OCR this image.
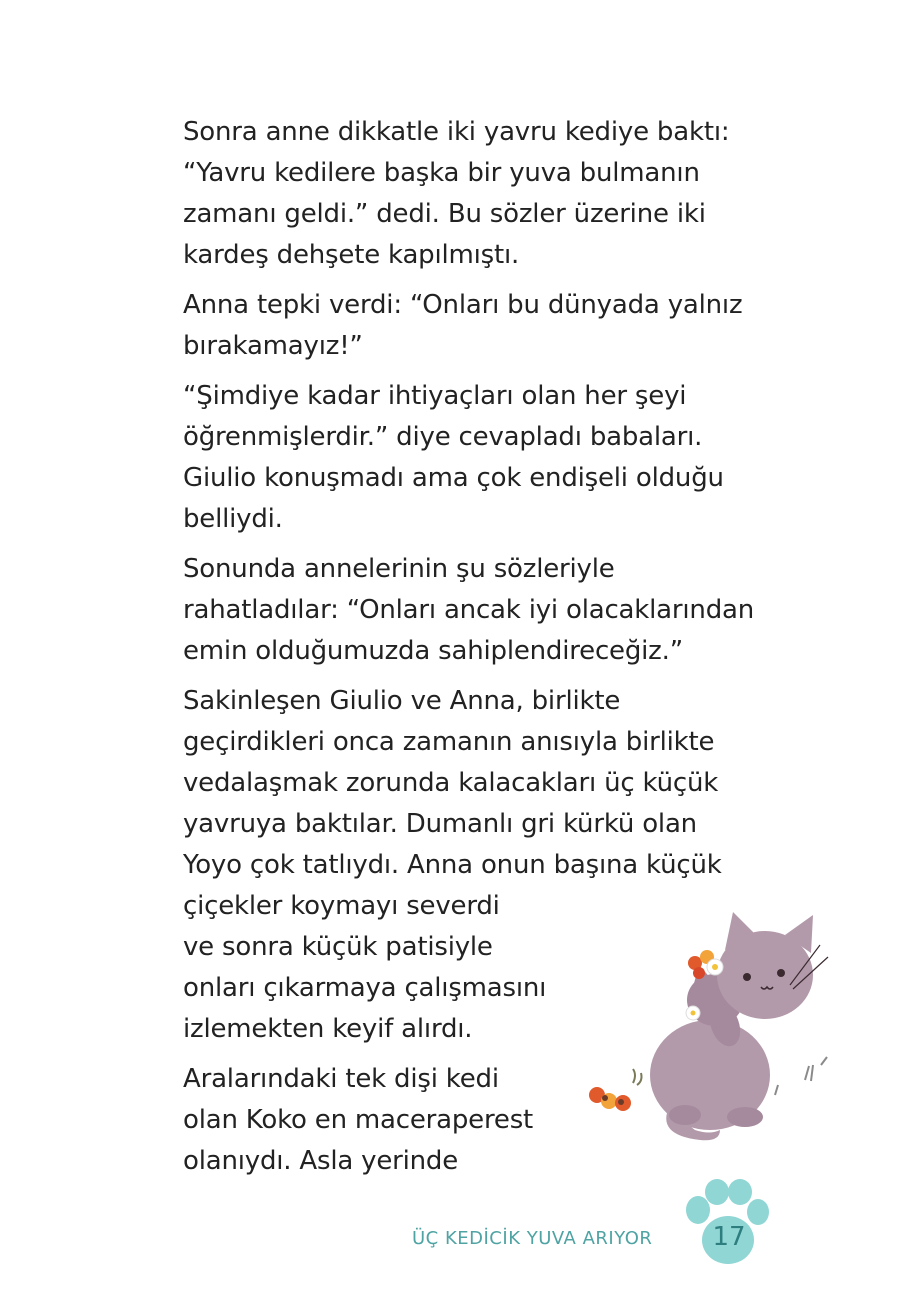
Sonra anne dikkatle iki yavru kediye baktı:
“Yavru kedilere başka bir yuva bulmanın
zamanı geldi.” dedi. Bu sözler üzerine iki
kardeş dehşete kapılmıştı.

Anna tepki verdi: “Onları bu dünyada yalnız
bırakamayız!”

“Şimdiye kadar ihtiyaçları olan her şeyi
öğrenmişlerdir.” diye cevapladı babaları.
Giulio konuşmadı ama çok endişeli olduğu
belliydi.

Sonunda annelerinin şu sözleriyle
rahatladılar: “Onları ancak iyi olacaklarından
emin olduğumuzda sahiplendireceğiz.”

Sakinleşen Giulio ve Anna, birlikte
geçirdikleri onca zamanın anısıyla birlikte
vedalaşmak zorunda kalacakları üç küçük
yavruya baktılar. Dumanlı gri kürkü olan
Yoyo çok tatlıydı. Anna onun başına küçük
çiçekler koymayı severdi
ve sonra küçük patisiyle
onları çıkarmaya çalışmasını
izlemekten keyif alırdı.

Aralarındaki tek dişi kedi
olan Koko en maceraperest
olanıydı. Asla yerinde

ÜÇ KEDİCİK YUVA ARIYOR	17
